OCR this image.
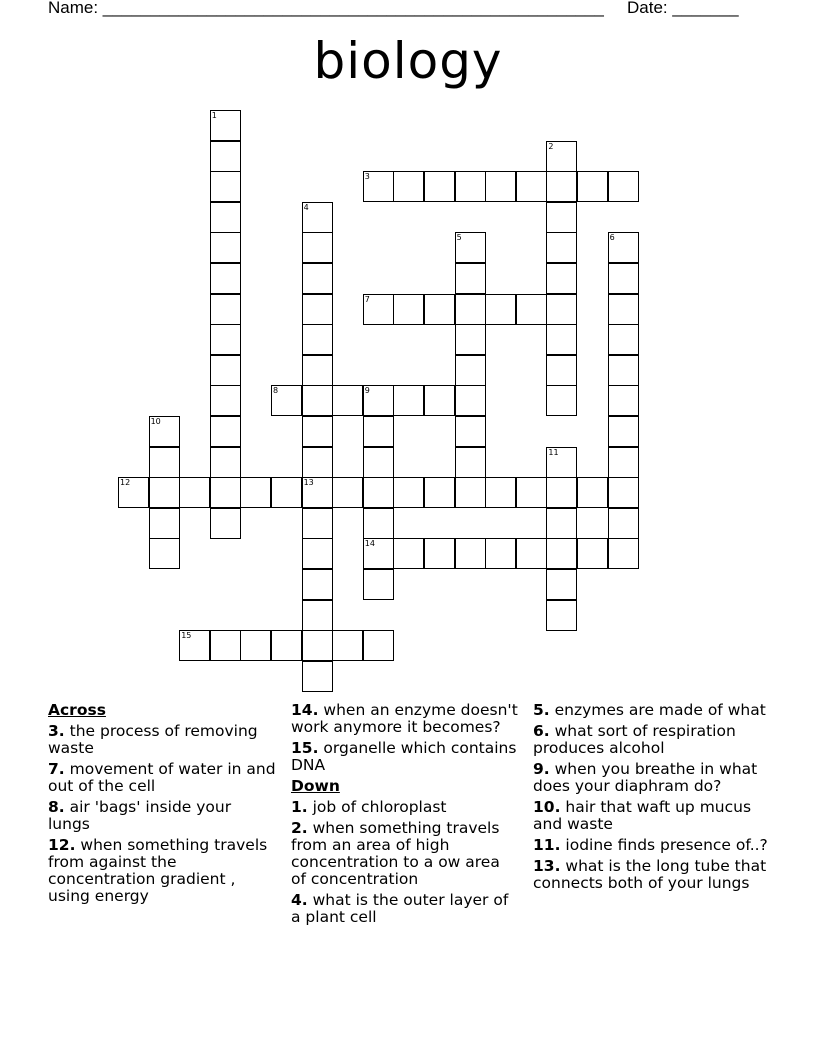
Name: _____________________________________________________ Date: _______
biology
1
2
3
4
5	6
7
8	9
14
10
11
12	13
15
Across
3. the process of removing waste
7. movement of water in and out of the cell
8. air 'bags' inside your lungs
12. when something travels from against the concentration gradient , using energy
14. when an enzyme doesn't work anymore it becomes?
15. organelle which contains DNA
Down
1. job of chloroplast
2. when something travels from an area of high concentration to a ow area of concentration
4. what is the outer layer of a plant cell
5. enzymes are made of what
6. what sort of respiration produces alcohol
9. when you breathe in what does your diaphram do?
10. hair that waft up mucus and waste
11. iodine finds presence of..?
13. what is the long tube that connects both of your lungs
